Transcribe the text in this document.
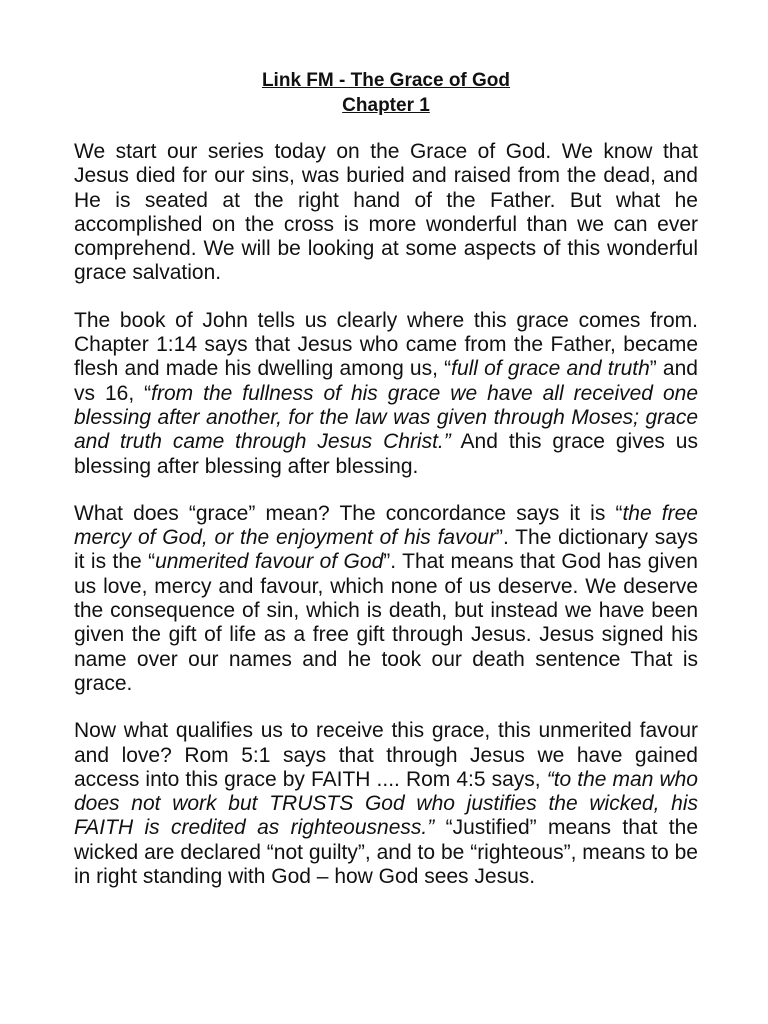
Link FM - The Grace of God
Chapter 1

We start our series today on the Grace of God. We know that Jesus died for our sins, was buried and raised from the dead, and He is seated at the right hand of the Father. But what he accomplished on the cross is more wonderful than we can ever comprehend. We will be looking at some aspects of this wonderful grace salvation.

The book of John tells us clearly where this grace comes from. Chapter 1:14 says that Jesus who came from the Father, became flesh and made his dwelling among us, “full of grace and truth” and vs 16, “from the fullness of his grace we have all received one blessing after another, for the law was given through Moses; grace and truth came through Jesus Christ.” And this grace gives us blessing after blessing after blessing.

What does “grace” mean? The concordance says it is “the free mercy of God, or the enjoyment of his favour”. The dictionary says it is the “unmerited favour of God”. That means that God has given us love, mercy and favour, which none of us deserve. We deserve the consequence of sin, which is death, but instead we have been given the gift of life as a free gift through Jesus. Jesus signed his name over our names and he took our death sentence That is grace.

Now what qualifies us to receive this grace, this unmerited favour and love? Rom 5:1 says that through Jesus we have gained access into this grace by FAITH .... Rom 4:5 says, “to the man who does not work but TRUSTS God who justifies the wicked, his FAITH is credited as righteousness.” “Justified” means that the wicked are declared “not guilty”, and to be “righteous”, means to be in right standing with God – how God sees Jesus.
